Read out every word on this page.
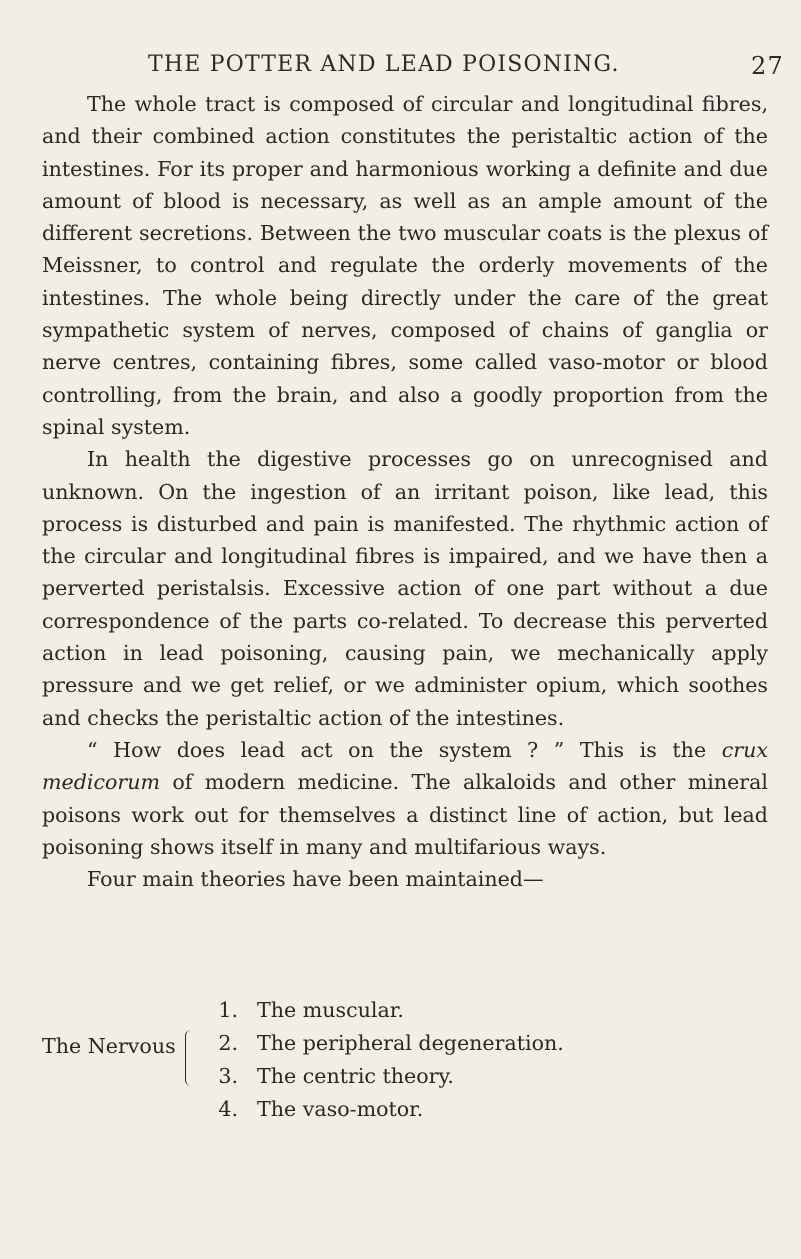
THE POTTER AND LEAD POISONING.	27

The whole tract is composed of circular and longitudinal fibres, and their combined action constitutes the peristaltic action of the intestines. For its proper and harmonious working a definite and due amount of blood is necessary, as well as an ample amount of the different secretions. Between the two muscular coats is the plexus of Meissner, to control and regulate the orderly movements of the intestines. The whole being directly under the care of the great sympathetic system of nerves, composed of chains of ganglia or nerve centres, containing fibres, some called vaso-motor or blood controlling, from the brain, and also a goodly proportion from the spinal system.

In health the digestive processes go on unrecognised and unknown. On the ingestion of an irritant poison, like lead, this process is disturbed and pain is manifested. The rhythmic action of the circular and longitudinal fibres is impaired, and we have then a perverted peristalsis. Excessive action of one part without a due correspondence of the parts co-related. To decrease this perverted action in lead poisoning, causing pain, we mechanically apply pressure and we get relief, or we administer opium, which soothes and checks the peristaltic action of the intestines.

“ How does lead act on the system ? ” This is the crux medicorum of modern medicine. The alkaloids and other mineral poisons work out for themselves a distinct line of action, but lead poisoning shows itself in many and multifarious ways.

Four main theories have been maintained—

1. The muscular.
2. The peripheral degeneration.
3. The centric theory.
4. The vaso-motor.
The Nervous
